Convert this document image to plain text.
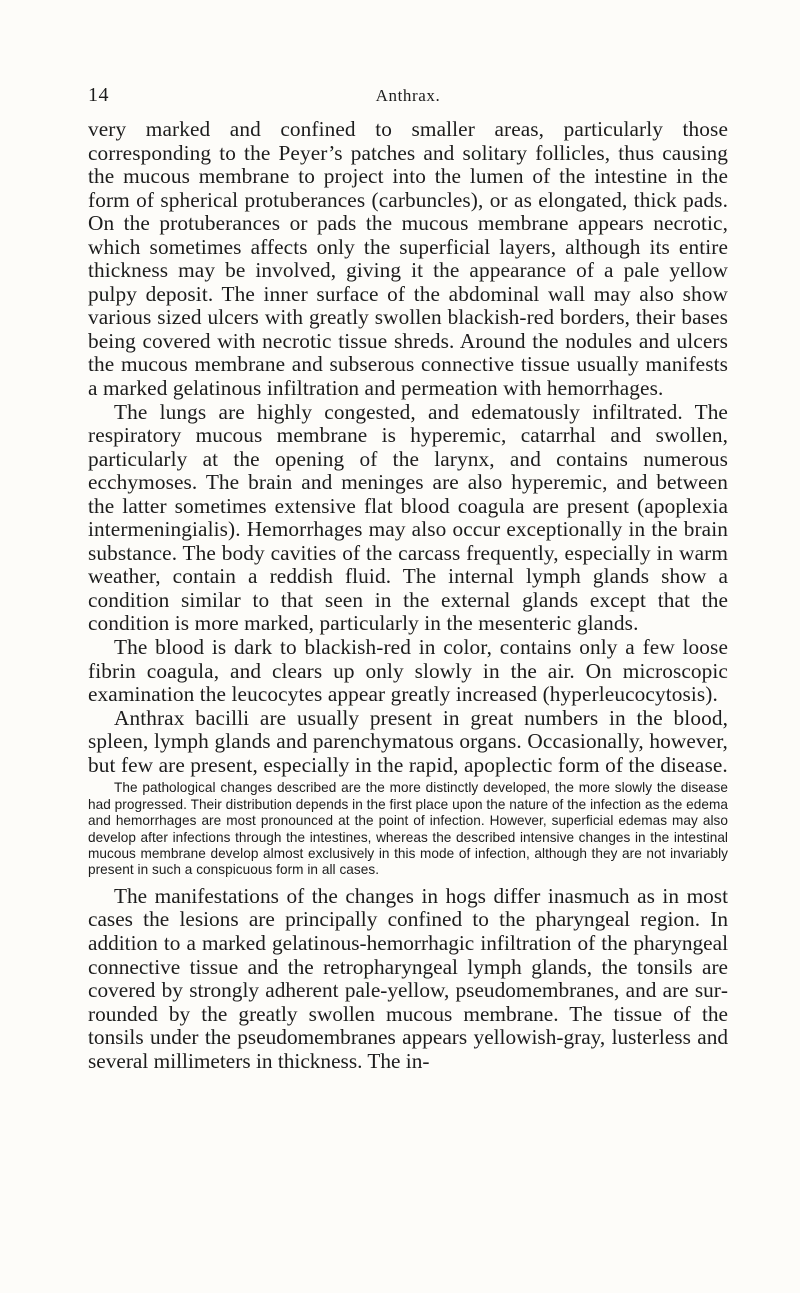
14	Anthrax.

very marked and confined to smaller areas, particularly those corresponding to the Peyer’s patches and solitary follicles, thus causing the mucous membrane to project into the lumen of the intestine in the form of spherical protuberances (carbuncles), or as elongated, thick pads. On the protuberances or pads the mucous membrane appears necrotic, which sometimes affects only the superficial layers, although its entire thickness may be involved, giving it the appearance of a pale yellow pulpy deposit. The inner surface of the abdominal wall may also show various sized ulcers with greatly swollen blackish-red borders, their bases being covered with necrotic tissue shreds. Around the nodules and ulcers the mucous membrane and subserous connective tissue usually manifests a marked gelatinous infiltration and permeation with hemorrhages.

The lungs are highly congested, and edematously infiltrated. The respiratory mucous membrane is hyperemic, catarrhal and swollen, particularly at the opening of the larynx, and contains numerous ecchymoses. The brain and meninges are also hyperemic, and between the latter sometimes extensive flat blood coagula are present (apoplexia intermeningialis). Hemorrhages may also occur exceptionally in the brain substance. The body cavities of the carcass frequently, especially in warm weather, contain a reddish fluid. The internal lymph glands show a condition similar to that seen in the external glands except that the condition is more marked, particularly in the mesenteric glands.

The blood is dark to blackish-red in color, contains only a few loose fibrin coagula, and clears up only slowly in the air. On microscopic examination the leucocytes appear greatly increased (hyperleucocytosis).

Anthrax bacilli are usually present in great numbers in the blood, spleen, lymph glands and parenchymatous organs. Occasionally, however, but few are present, especially in the rapid, apoplectic form of the disease.

The pathological changes described are the more distinctly developed, the more slowly the disease had progressed. Their distribution depends in the first place upon the nature of the infection as the edema and hemorrhages are most pronounced at the point of infection. However, superficial edemas may also develop after infections through the intestines, whereas the described intensive changes in the intestinal mucous membrane develop almost exclusively in this mode of infection, although they are not invariably present in such a conspicuous form in all cases.

The manifestations of the changes in hogs differ inasmuch as in most cases the lesions are principally confined to the pharyngeal region. In addition to a marked gelatinous-hemorrhagic infiltration of the pharyngeal connective tissue and the retropharyngeal lymph glands, the tonsils are covered by strongly adherent pale-yellow, pseudomembranes, and are surrounded by the greatly swollen mucous membrane. The tissue of the tonsils under the pseudomembranes appears yellowish-gray, lusterless and several millimeters in thickness. The in-
